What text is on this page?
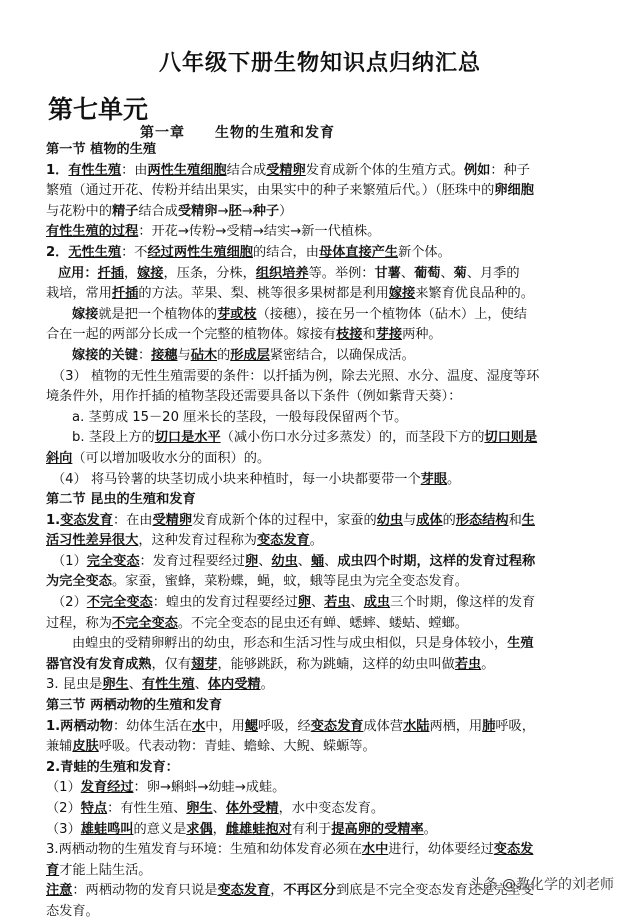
八年级下册生物知识点归纳汇总
第七单元
第一章　　生物的生殖和发育
第一节 植物的生殖
1．有性生殖：由两性生殖细胞结合成受精卵发育成新个体的生殖方式。例如：种子
繁殖（通过开花、传粉并结出果实，由果实中的种子来繁殖后代。）（胚珠中的卵细胞
与花粉中的精子结合成受精卵→胚→种子）
有性生殖的过程：开花→传粉→受精→结实→新一代植株。
2．无性生殖：不经过两性生殖细胞的结合，由母体直接产生新个体。
应用：扦插，嫁接，压条，分株，组织培养等。举例：甘薯、葡萄、菊、月季的
栽培，常用扦插的方法。苹果、梨、桃等很多果树都是利用嫁接来繁育优良品种的。
嫁接就是把一个植物体的芽或枝（接穗），接在另一个植物体（砧木）上，使结
合在一起的两部分长成一个完整的植物体。嫁接有枝接和芽接两种。
嫁接的关键：接穗与砧木的形成层紧密结合，以确保成活。
（3） 植物的无性生殖需要的条件：以扦插为例，除去光照、水分、温度、湿度等环
境条件外，用作扦插的植物茎段还需要具备以下条件（例如紫背天葵）：
a. 茎剪成 15－20 厘米长的茎段，一般每段保留两个节。
b. 茎段上方的切口是水平（减小伤口水分过多蒸发）的，而茎段下方的切口则是
斜向（可以增加吸收水分的面积）的。
（4） 将马铃薯的块茎切成小块来种植时，每一小块都要带一个芽眼。
第二节 昆虫的生殖和发育
1.变态发育：在由受精卵发育成新个体的过程中，家蚕的幼虫与成体的形态结构和生
活习性差异很大，这种发育过程称为变态发育。
（1）完全变态：发育过程要经过卵、幼虫、蛹、成虫四个时期，这样的发育过程称
为完全变态。家蚕，蜜蜂，菜粉蝶，蝇，蚊，蛾等昆虫为完全变态发育。
（2）不完全变态：蝗虫的发育过程要经过卵、若虫、成虫三个时期，像这样的发育
过程，称为不完全变态。不完全变态的昆虫还有蝉、蟋蟀、蝼蛄、螳螂。
由蝗虫的受精卵孵出的幼虫，形态和生活习性与成虫相似，只是身体较小，生殖
器官没有发育成熟，仅有翅芽，能够跳跃，称为跳蝻，这样的幼虫叫做若虫。
3. 昆虫是卵生、有性生殖、体内受精。
第三节 两栖动物的生殖和发育
1.两栖动物：幼体生活在水中，用鳃呼吸，经变态发育成体营水陆两栖，用肺呼吸，
兼辅皮肤呼吸。代表动物：青蛙、蟾蜍、大鲵、蝾螈等。
2.青蛙的生殖和发育：
（1）发育经过：卵→蝌蚪→幼蛙→成蛙。
（2）特点：有性生殖、卵生、体外受精，水中变态发育。
（3）雄蛙鸣叫的意义是求偶，雌雄蛙抱对有利于提高卵的受精率。
3.两栖动物的生殖发育与环境：生殖和幼体发育必须在水中进行，幼体要经过变态发
育才能上陆生活。
注意：两栖动物的发育只说是变态发育，不再区分到底是不完全变态发育还是完全变
态发育。
头条 @教化学的刘老师
